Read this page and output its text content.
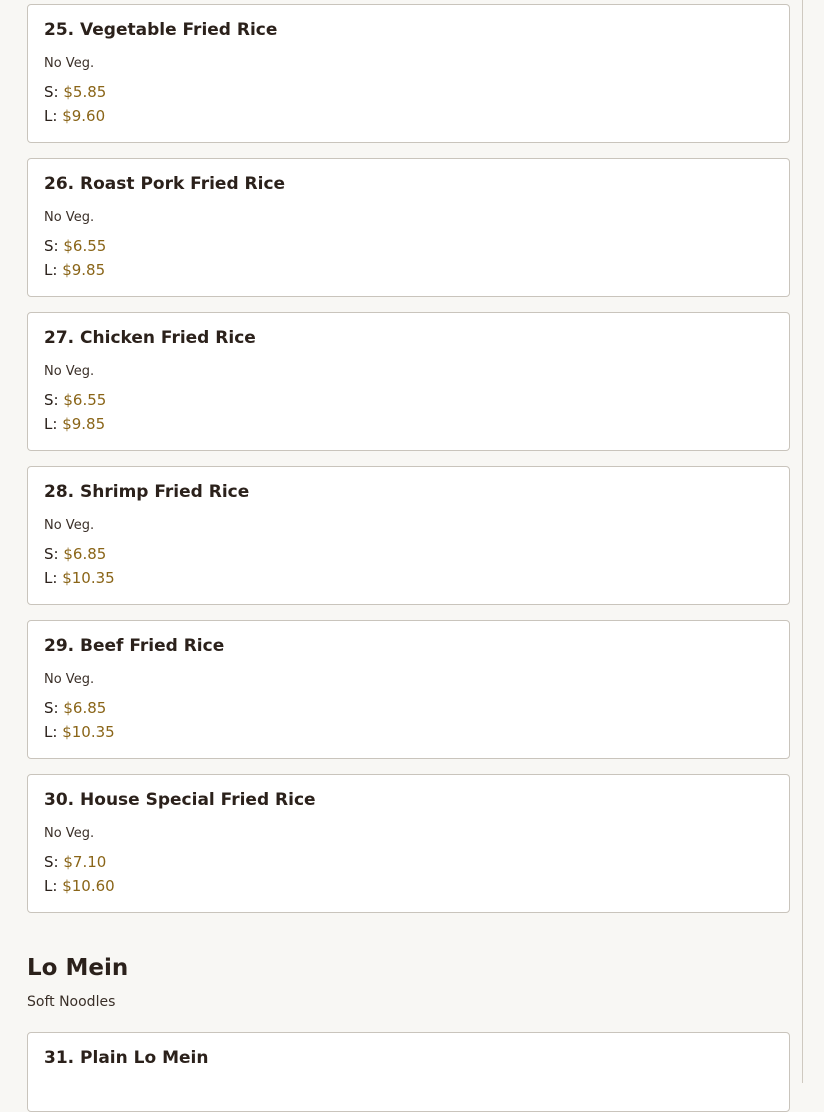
25. Vegetable Fried Rice
No Veg.
S: $5.85
L: $9.60
26. Roast Pork Fried Rice
No Veg.
S: $6.55
L: $9.85
27. Chicken Fried Rice
No Veg.
S: $6.55
L: $9.85
28. Shrimp Fried Rice
No Veg.
S: $6.85
L: $10.35
29. Beef Fried Rice
No Veg.
S: $6.85
L: $10.35
30. House Special Fried Rice
No Veg.
S: $7.10
L: $10.60
Lo Mein
Soft Noodles
31. Plain Lo Mein
